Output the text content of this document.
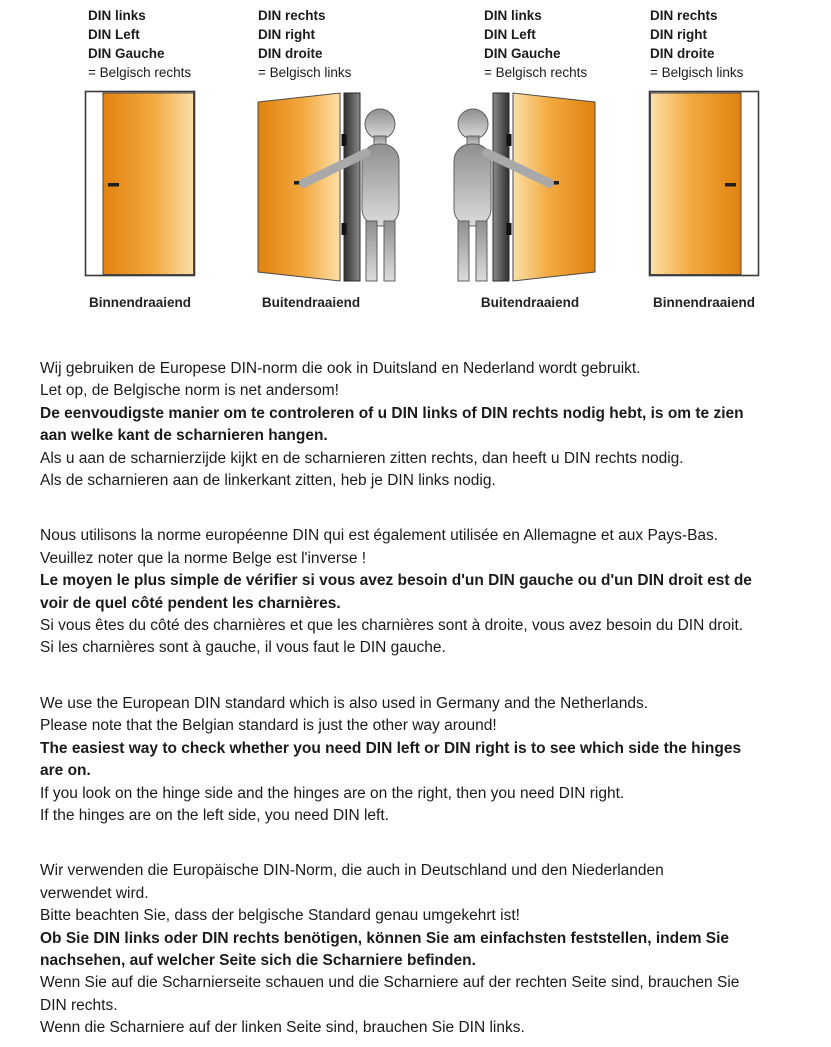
DIN links
DIN Left
DIN Gauche
= Belgisch rechts
Binnendraaiend
DIN rechts
DIN right
DIN droite
= Belgisch links
Buitendraaiend
DIN links
DIN Left
DIN Gauche
= Belgisch rechts
Buitendraaiend
DIN rechts
DIN right
DIN droite
= Belgisch links
Binnendraaiend
Wij gebruiken de Europese DIN-norm die ook in Duitsland en Nederland wordt gebruikt.
Let op, de Belgische norm is net andersom!
De eenvoudigste manier om te controleren of u DIN links of DIN rechts nodig hebt, is om te zien
aan welke kant de scharnieren hangen.
Als u aan de scharnierzijde kijkt en de scharnieren zitten rechts, dan heeft u DIN rechts nodig.
Als de scharnieren aan de linkerkant zitten, heb je DIN links nodig.
Nous utilisons la norme européenne DIN qui est également utilisée en Allemagne et aux Pays-Bas.
Veuillez noter que la norme Belge est l'inverse !
Le moyen le plus simple de vérifier si vous avez besoin d'un DIN gauche ou d'un DIN droit est de
voir de quel côté pendent les charnières.
Si vous êtes du côté des charnières et que les charnières sont à droite, vous avez besoin du DIN droit.
Si les charnières sont à gauche, il vous faut le DIN gauche.
We use the European DIN standard which is also used in Germany and the Netherlands.
Please note that the Belgian standard is just the other way around!
The easiest way to check whether you need DIN left or DIN right is to see which side the hinges
are on.
If you look on the hinge side and the hinges are on the right, then you need DIN right.
If the hinges are on the left side, you need DIN left.
Wir verwenden die Europäische DIN-Norm, die auch in Deutschland und den Niederlanden
verwendet wird.
Bitte beachten Sie, dass der belgische Standard genau umgekehrt ist!
Ob Sie DIN links oder DIN rechts benötigen, können Sie am einfachsten feststellen, indem Sie
nachsehen, auf welcher Seite sich die Scharniere befinden.
Wenn Sie auf die Scharnierseite schauen und die Scharniere auf der rechten Seite sind, brauchen Sie
DIN rechts.
Wenn die Scharniere auf der linken Seite sind, brauchen Sie DIN links.
